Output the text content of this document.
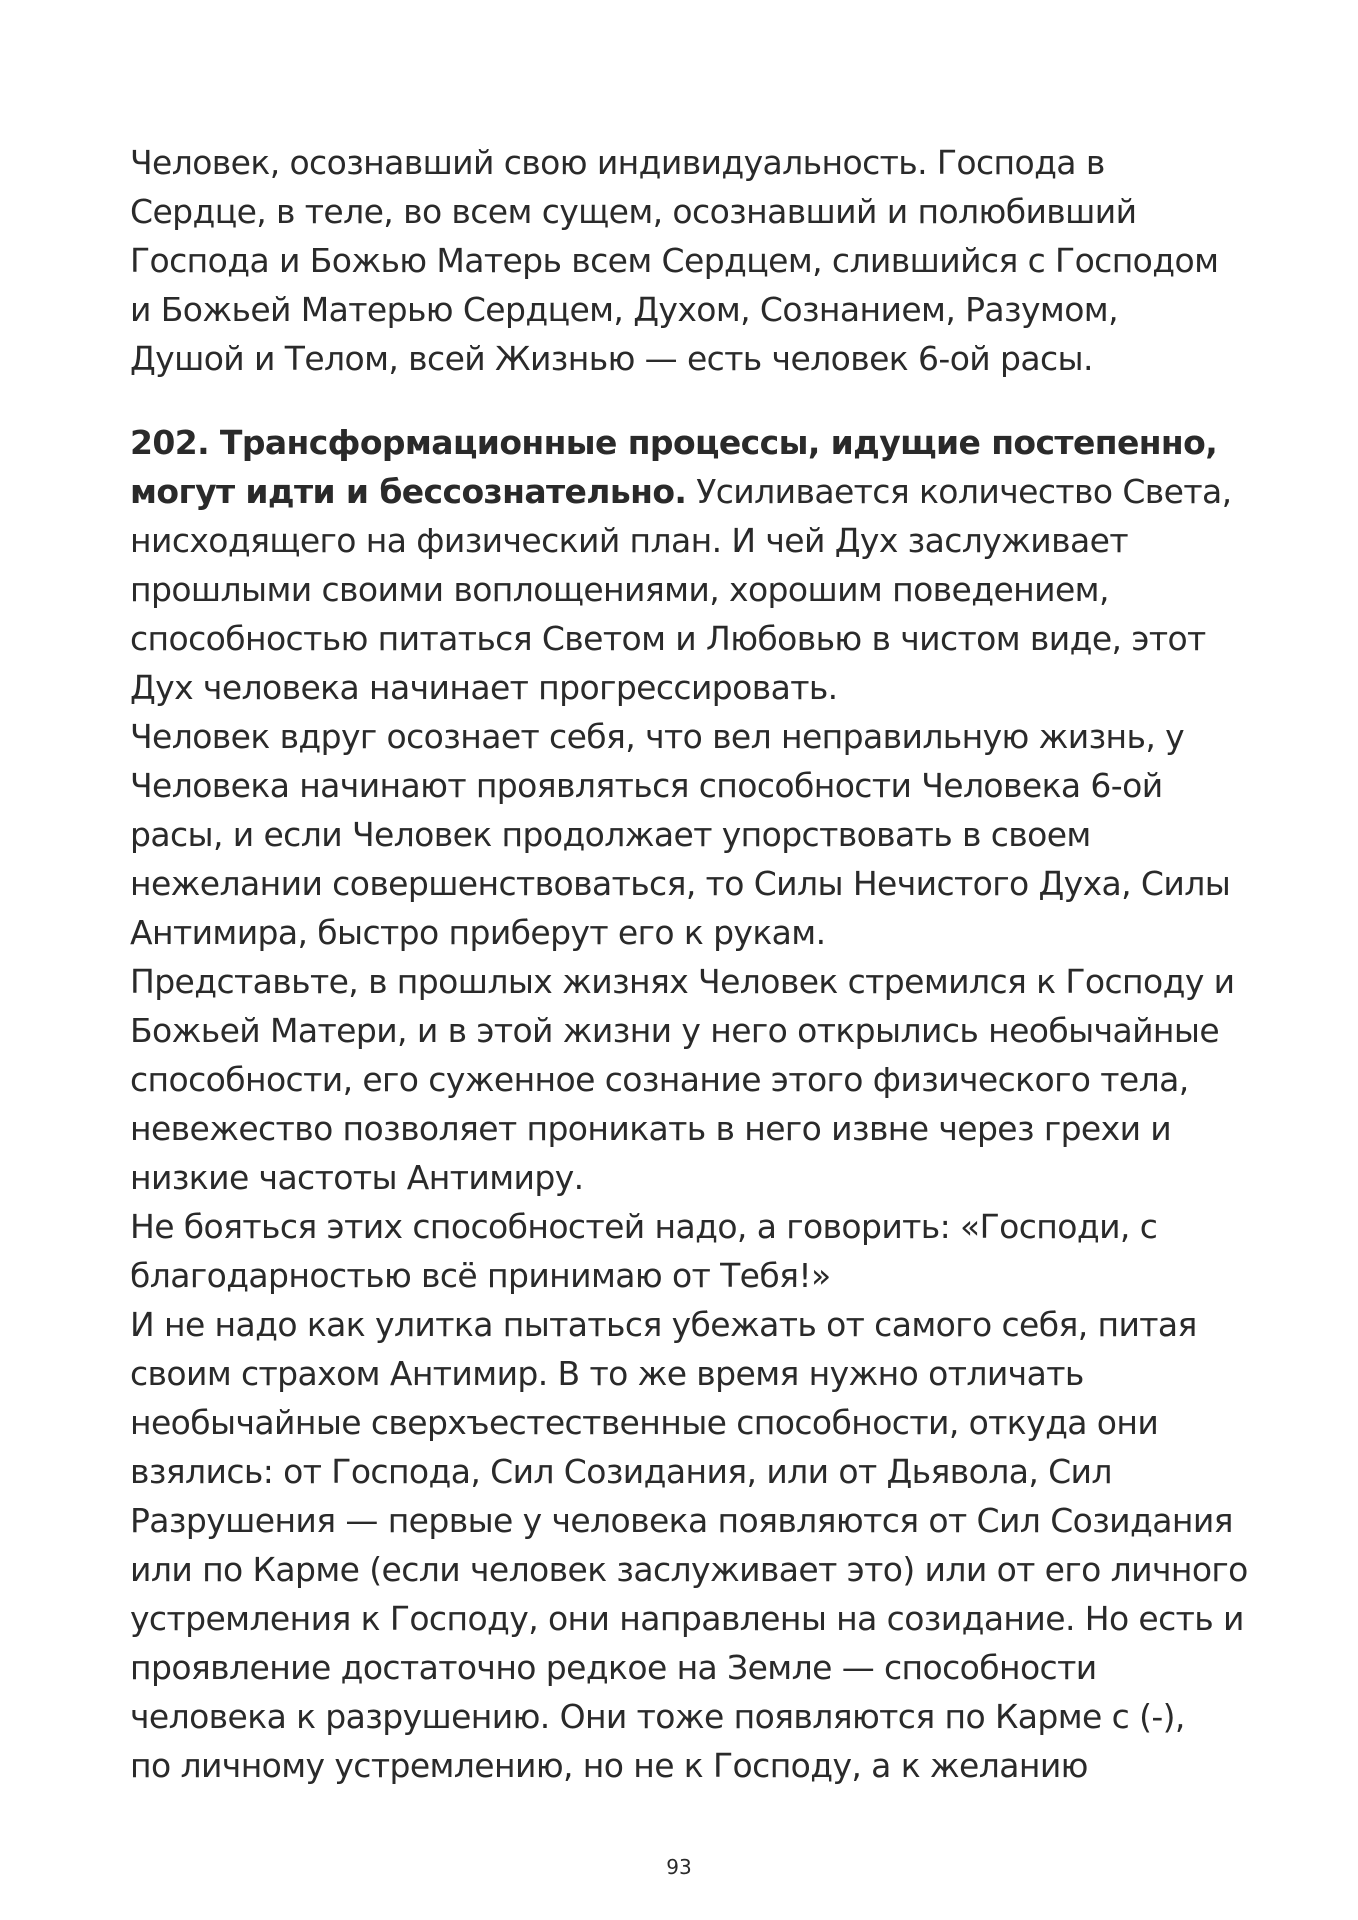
Человек, осознавший свою индивидуальность. Господа в
Сердце, в теле, во всем сущем, осознавший и полюбивший
Господа и Божью Матерь всем Сердцем, слившийся с Господом
и Божьей Матерью Сердцем, Духом, Сознанием, Разумом,
Душой и Телом, всей Жизнью — есть человек 6-ой расы.

202. Трансформационные процессы, идущие постепенно,
могут идти и бессознательно. Усиливается количество Света,
нисходящего на физический план. И чей Дух заслуживает
прошлыми своими воплощениями, хорошим поведением,
способностью питаться Светом и Любовью в чистом виде, этот
Дух человека начинает прогрессировать.
Человек вдруг осознает себя, что вел неправильную жизнь, у
Человека начинают проявляться способности Человека 6-ой
расы, и если Человек продолжает упорствовать в своем
нежелании совершенствоваться, то Силы Нечистого Духа, Силы
Антимира, быстро приберут его к рукам.
Представьте, в прошлых жизнях Человек стремился к Господу и
Божьей Матери, и в этой жизни у него открылись необычайные
способности, его суженное сознание этого физического тела,
невежество позволяет проникать в него извне через грехи и
низкие частоты Антимиру.
Не бояться этих способностей надо, а говорить: «Господи, с
благодарностью всё принимаю от Тебя!»
И не надо как улитка пытаться убежать от самого себя, питая
своим страхом Антимир. В то же время нужно отличать
необычайные сверхъестественные способности, откуда они
взялись: от Господа, Сил Созидания, или от Дьявола, Сил
Разрушения — первые у человека появляются от Сил Созидания
или по Карме (если человек заслуживает это) или от его личного
устремления к Господу, они направлены на созидание. Но есть и
проявление достаточно редкое на Земле — способности
человека к разрушению. Они тоже появляются по Карме с (-),
по личному устремлению, но не к Господу, а к желанию

93
